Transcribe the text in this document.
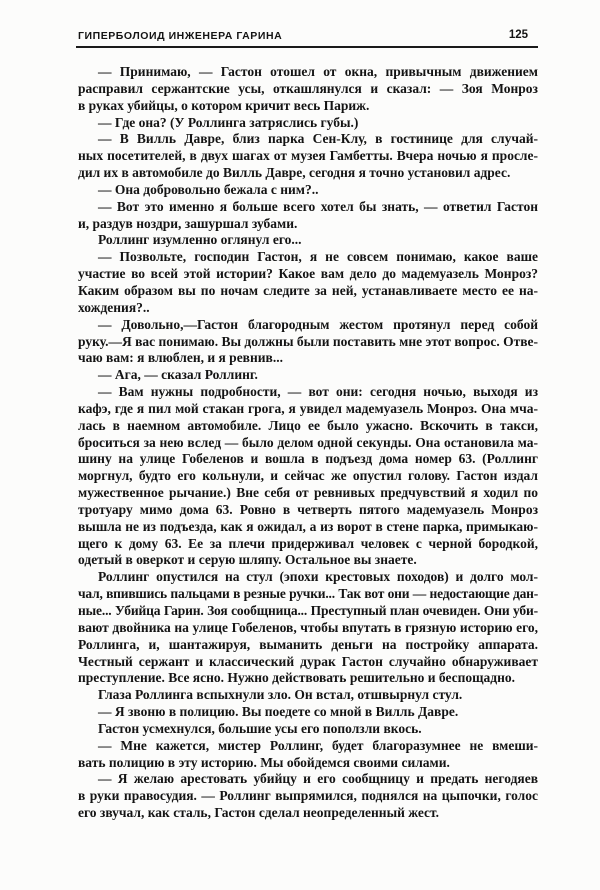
ГИПЕРБОЛОИД ИНЖЕНЕРА ГАРИНА	125
— Принимаю, — Гастон отошел от окна, привычным движением
расправил сержантские усы, откашлянулся и сказал: — Зоя Монроз
в руках убийцы, о котором кричит весь Париж.
— Где она? (У Роллинга затряслись губы.)
— В Вилль Давре, близ парка Сен-Клу, в гостинице для случай-
ных посетителей, в двух шагах от музея Гамбетты. Вчера ночью я просле-
дил их в автомобиле до Вилль Давре, сегодня я точно установил адрес.
— Она добровольно бежала с ним?..
— Вот это именно я больше всего хотел бы знать, — ответил Гастон
и, раздув ноздри, зашуршал зубами.
Роллинг изумленно оглянул его...
— Позвольте, господин Гастон, я не совсем понимаю, какое ваше
участие во всей этой истории? Какое вам дело до мадемуазель Монроз?
Каким образом вы по ночам следите за ней, устанавливаете место ее на-
хождения?..
— Довольно,—Гастон благородным жестом протянул перед собой
руку.—Я вас понимаю. Вы должны были поставить мне этот вопрос. Отве-
чаю вам: я влюблен, и я ревнив...
— Ага, — сказал Роллинг.
— Вам нужны подробности, — вот они: сегодня ночью, выходя из
кафэ, где я пил мой стакан грога, я увидел мадемуазель Монроз. Она мча-
лась в наемном автомобиле. Лицо ее было ужасно. Вскочить в такси,
броситься за нею вслед — было делом одной секунды. Она остановила ма-
шину на улице Гобеленов и вошла в подъезд дома номер 63. (Роллинг
моргнул, будто его кольнули, и сейчас же опустил голову. Гастон издал
мужественное рычание.) Вне себя от ревнивых предчувствий я ходил по
тротуару мимо дома 63. Ровно в четверть пятого мадемуазель Монроз
вышла не из подъезда, как я ожидал, а из ворот в стене парка, примыкаю-
щего к дому 63. Ее за плечи придерживал человек с черной бородкой,
одетый в оверкот и серую шляпу. Остальное вы знаете.
Роллинг опустился на стул (эпохи крестовых походов) и долго мол-
чал, впившись пальцами в резные ручки... Так вот они — недостающие дан-
ные... Убийца Гарин. Зоя сообщница... Преступный план очевиден. Они уби-
вают двойника на улице Гобеленов, чтобы впутать в грязную историю его,
Роллинга, и, шантажируя, выманить деньги на постройку аппарата.
Честный сержант и классический дурак Гастон случайно обнаруживает
преступление. Все ясно. Нужно действовать решительно и беспощадно.
Глаза Роллинга вспыхнули зло. Он встал, отшвырнул стул.
— Я звоню в полицию. Вы поедете со мной в Вилль Давре.
Гастон усмехнулся, большие усы его поползли вкось.
— Мне кажется, мистер Роллинг, будет благоразумнее не вмеши-
вать полицию в эту историю. Мы обойдемся своими силами.
— Я желаю арестовать убийцу и его сообщницу и предать негодяев
в руки правосудия. — Роллинг выпрямился, поднялся на цыпочки, голос
его звучал, как сталь, Гастон сделал неопределенный жест.
